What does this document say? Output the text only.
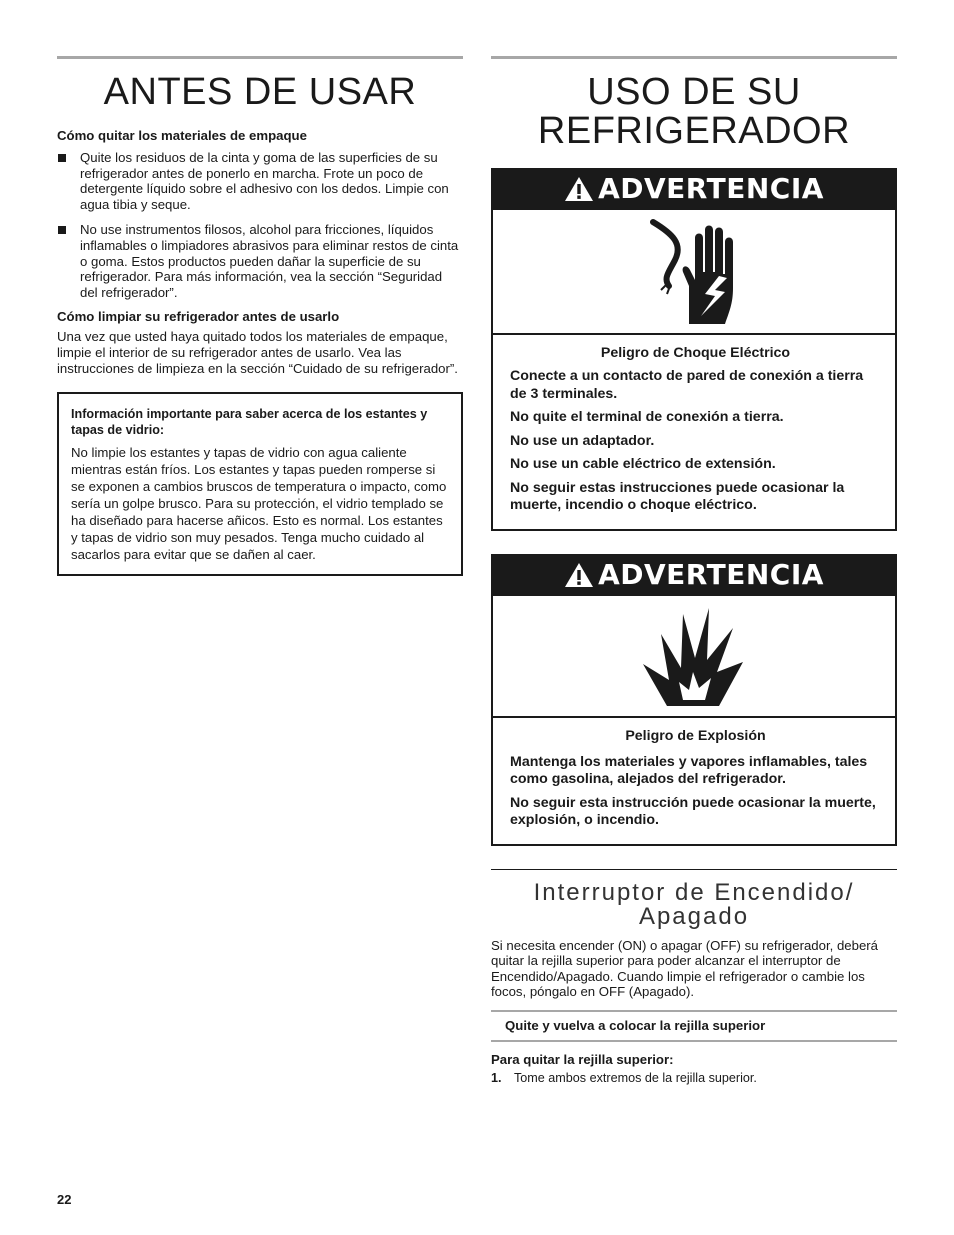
ANTES DE USAR

Cómo quitar los materiales de empaque

Quite los residuos de la cinta y goma de las superficies de su refrigerador antes de ponerlo en marcha. Frote un poco de detergente líquido sobre el adhesivo con los dedos. Limpie con agua tibia y seque.

No use instrumentos filosos, alcohol para fricciones, líquidos inflamables o limpiadores abrasivos para eliminar restos de cinta o goma. Estos productos pueden dañar la superficie de su refrigerador. Para más información, vea la sección “Seguridad del refrigerador”.

Cómo limpiar su refrigerador antes de usarlo

Una vez que usted haya quitado todos los materiales de empaque, limpie el interior de su refrigerador antes de usarlo. Vea las instrucciones de limpieza en la sección “Cuidado de su refrigerador”.

Información importante para saber acerca de los estantes y tapas de vidrio:

No limpie los estantes y tapas de vidrio con agua caliente mientras están fríos. Los estantes y tapas pueden romperse si se exponen a cambios bruscos de temperatura o impacto, como sería un golpe brusco. Para su protección, el vidrio templado se ha diseñado para hacerse añicos. Esto es normal. Los estantes y tapas de vidrio son muy pesados. Tenga mucho cuidado al sacarlos para evitar que se dañen al caer.

USO DE SU
REFRIGERADOR
ADVERTENCIA

Peligro de Choque Eléctrico

Conecte a un contacto de pared de conexión a tierra de 3 terminales.

No quite el terminal de conexión a tierra.

No use un adaptador.

No use un cable eléctrico de extensión.

No seguir estas instrucciones puede ocasionar la muerte, incendio o choque eléctrico.

ADVERTENCIA

Peligro de Explosión

Mantenga los materiales y vapores inflamables, tales como gasolina, alejados del refrigerador.

No seguir esta instrucción puede ocasionar la muerte, explosión, o incendio.

Interruptor de Encendido/
Apagado

Si necesita encender (ON) o apagar (OFF) su refrigerador, deberá quitar la rejilla superior para poder alcanzar el interruptor de Encendido/Apagado. Cuando limpie el refrigerador o cambie los focos, póngalo en OFF (Apagado).

Quite y vuelva a colocar la rejilla superior

Para quitar la rejilla superior:

1. Tome ambos extremos de la rejilla superior.

22
